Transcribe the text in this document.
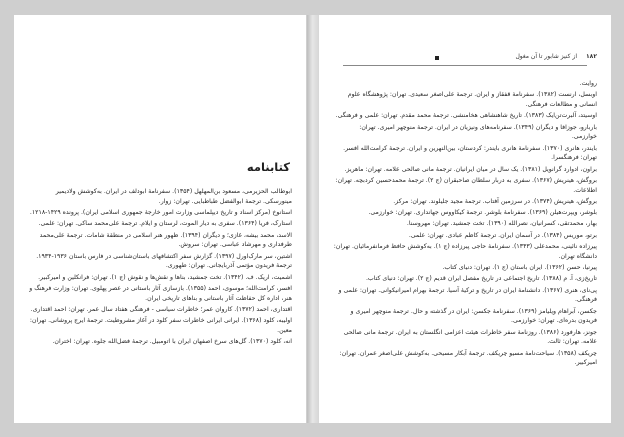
۱۸۲
از کنیز شابور تا آن مغول

روایت.

اوبسل، ارنست (۱۳۸۲). سفرنامهٔ قفقاز و ایران. ترجمهٔ علی‌اصغر سعیدی. تهران: پژوهشگاه علوم انسانی و مطالعات فرهنگی.

اوسیتد، آلبرت‌تن‌ایک (۱۳۸۳). تاریخ شاهنشاهی هخامنشی. ترجمهٔ محمد مقدم. تهران: علمی و فرهنگی.

باربارو، جوزافا و دیگران (۱۳۴۹). سفرنامه‌های ونیزیان در ایران. ترجمهٔ منوچهر امیری. تهران: خوارزمی.

بایندر، هانری (۱۳۷۰). سفرنامهٔ هانری بایندر: کردستان، بین‌النهرین و ایران. ترجمهٔ کرامت‌الله افسر. تهران: فرهنگسرا.

براون، ادوارد گرانویل (۱۳۸۱). یک سال در میان ایرانیان. ترجمهٔ مانی صالحی علامه. تهران: ماهریز.

بروگش، هینریش (۱۳۶۷). سفری به دربار سلطان صاحبقران (ج ۲). ترجمهٔ محمدحسین کردبچه. تهران: اطلاعات.

بروگش، هینریش (۱۳۷۴). در سرزمین آفتاب. ترجمهٔ مجید جلیلوند. تهران: مرکز.

بلوشر، ویپرت‌هیلن (۱۳۶۹). سفرنامهٔ بلوشر. ترجمهٔ کیکاووس جهانداری. تهران: خوارزمی.

بهار، محمدتقی، کسرانیان، نصرالله (۱۳۹۰). تخت جمشید. تهران: مهروسنا.

برتو، موریس (۱۳۸۴). در آسمان ایران. ترجمهٔ کاظم عبادی. تهران: علمی.

پیرزاده نائینی، محمدعلی (۱۳۴۳). سفرنامهٔ حاجی پیرزاده (ج ۱). به‌کوشش حافظ فرمانفرمائیان. تهران: دانشگاه تهران.

پیرنیا، حسن (۱۳۶۲). ایران باستان (ج ۱). تهران: دنیای کتاب.

تاریخ‌زی، آ. م (۱۳۸۸). تاریخ اجتماعی در تاریخ مفصل ایران قدیم (ج ۲). تهران: دنیای کتاب.

پی‌نای، هنری (۱۳۶۷). دانشنامهٔ ایران در تاریخ و ترکیهٔ آسیا. ترجمهٔ بهرام امیرانیکوانی. تهران: علمی و فرهنگی.

جکسن، آبراهام ویلیامز (۱۳۶۹). سفرنامهٔ جکسن: ایران در گذشته و حال. ترجمهٔ منوچهر امیری و فریدون بدره‌ای. تهران: خوارزمی.

جونز، هارفورد (۱۳۸۶). روزنامهٔ سفر خاطرات هیئت اعزامی انگلستان به ایران. ترجمهٔ مانی صالحی علامه. تهران: ثالث.

چریکف (۱۳۵۸). سیاحت‌نامهٔ مسیو چریکف. ترجمهٔ آبکار مسیحی. به‌کوشش علی‌اصغر عمران. تهران: امیرکبیر.

کتابنامه

ابوطالب الحزیرمی، مسعود بن‌المهلهل (۱۳۵۴). سفرنامهٔ ابودلف در ایران. به‌کوشش ولادیمیر مینورسکی. ترجمهٔ ابوالفضل طباطبایی. تهران: زوار.

استانوخ (مرکز اسناد و تاریخ دیپلماسی وزارت امور خارجهٔ جمهوری اسلامی ایران). پرونده ۱۴۲۹-۱۲۱۸.

استارک، فریا (۱۳۶۴). سفری به دیار الموت، لرستان و ایلام. ترجمهٔ علی‌محمد ساکی. تهران: علمی.

الاسد، محمد بیشه، غازی؛ و دیگران (۱۳۹۴). ظهور هنر اسلامی در منطقهٔ شامات. ترجمهٔ علی‌محمد طرفداری و مهرشاد عباسی. تهران: سروش.

اشتین، سر مارک‌اورل (۱۳۹۷). گزارش سفر اکتشافهای باستان‌شناسی در فارس باستان ۱۹۳۶-۱۹۳۴. ترجمهٔ فریدون مؤتمی آذربایجانی. تهران: طهوری.

اشمیت، اریک. ف. (۱۳۴۲). تخت جمشید، بناها و نقش‌ها و نقوش (ج ۱). تهران: فرانکلین و امیرکبیر.

افسر، کرامت‌الله؛ موسوی، احمد (۱۳۵۵). بازسازی آثار باستانی در عصر پهلوی. تهران: وزارت فرهنگ و هنر، اداره کل حفاظت آثار باستانی و بناهای تاریخی ایران.

اقتداری، احمد (۱۳۷۲). کاروان عمر؛ خاطرات سیاسی - فرهنگی هفتاد سال عمر. تهران: احمد اقتداری.

اولیبه، کلود (۱۳۶۸). ایرانی ایرانی خاطرات سفر کلود در آغاز مشروطیت. ترجمهٔ ایرج پروشانی. تهران: معین.

انه، کلود (۱۳۷۰). گل‌های سرخ اصفهان ایران با اتومبیل. ترجمهٔ فضل‌الله جلوه. تهران: اختران.
